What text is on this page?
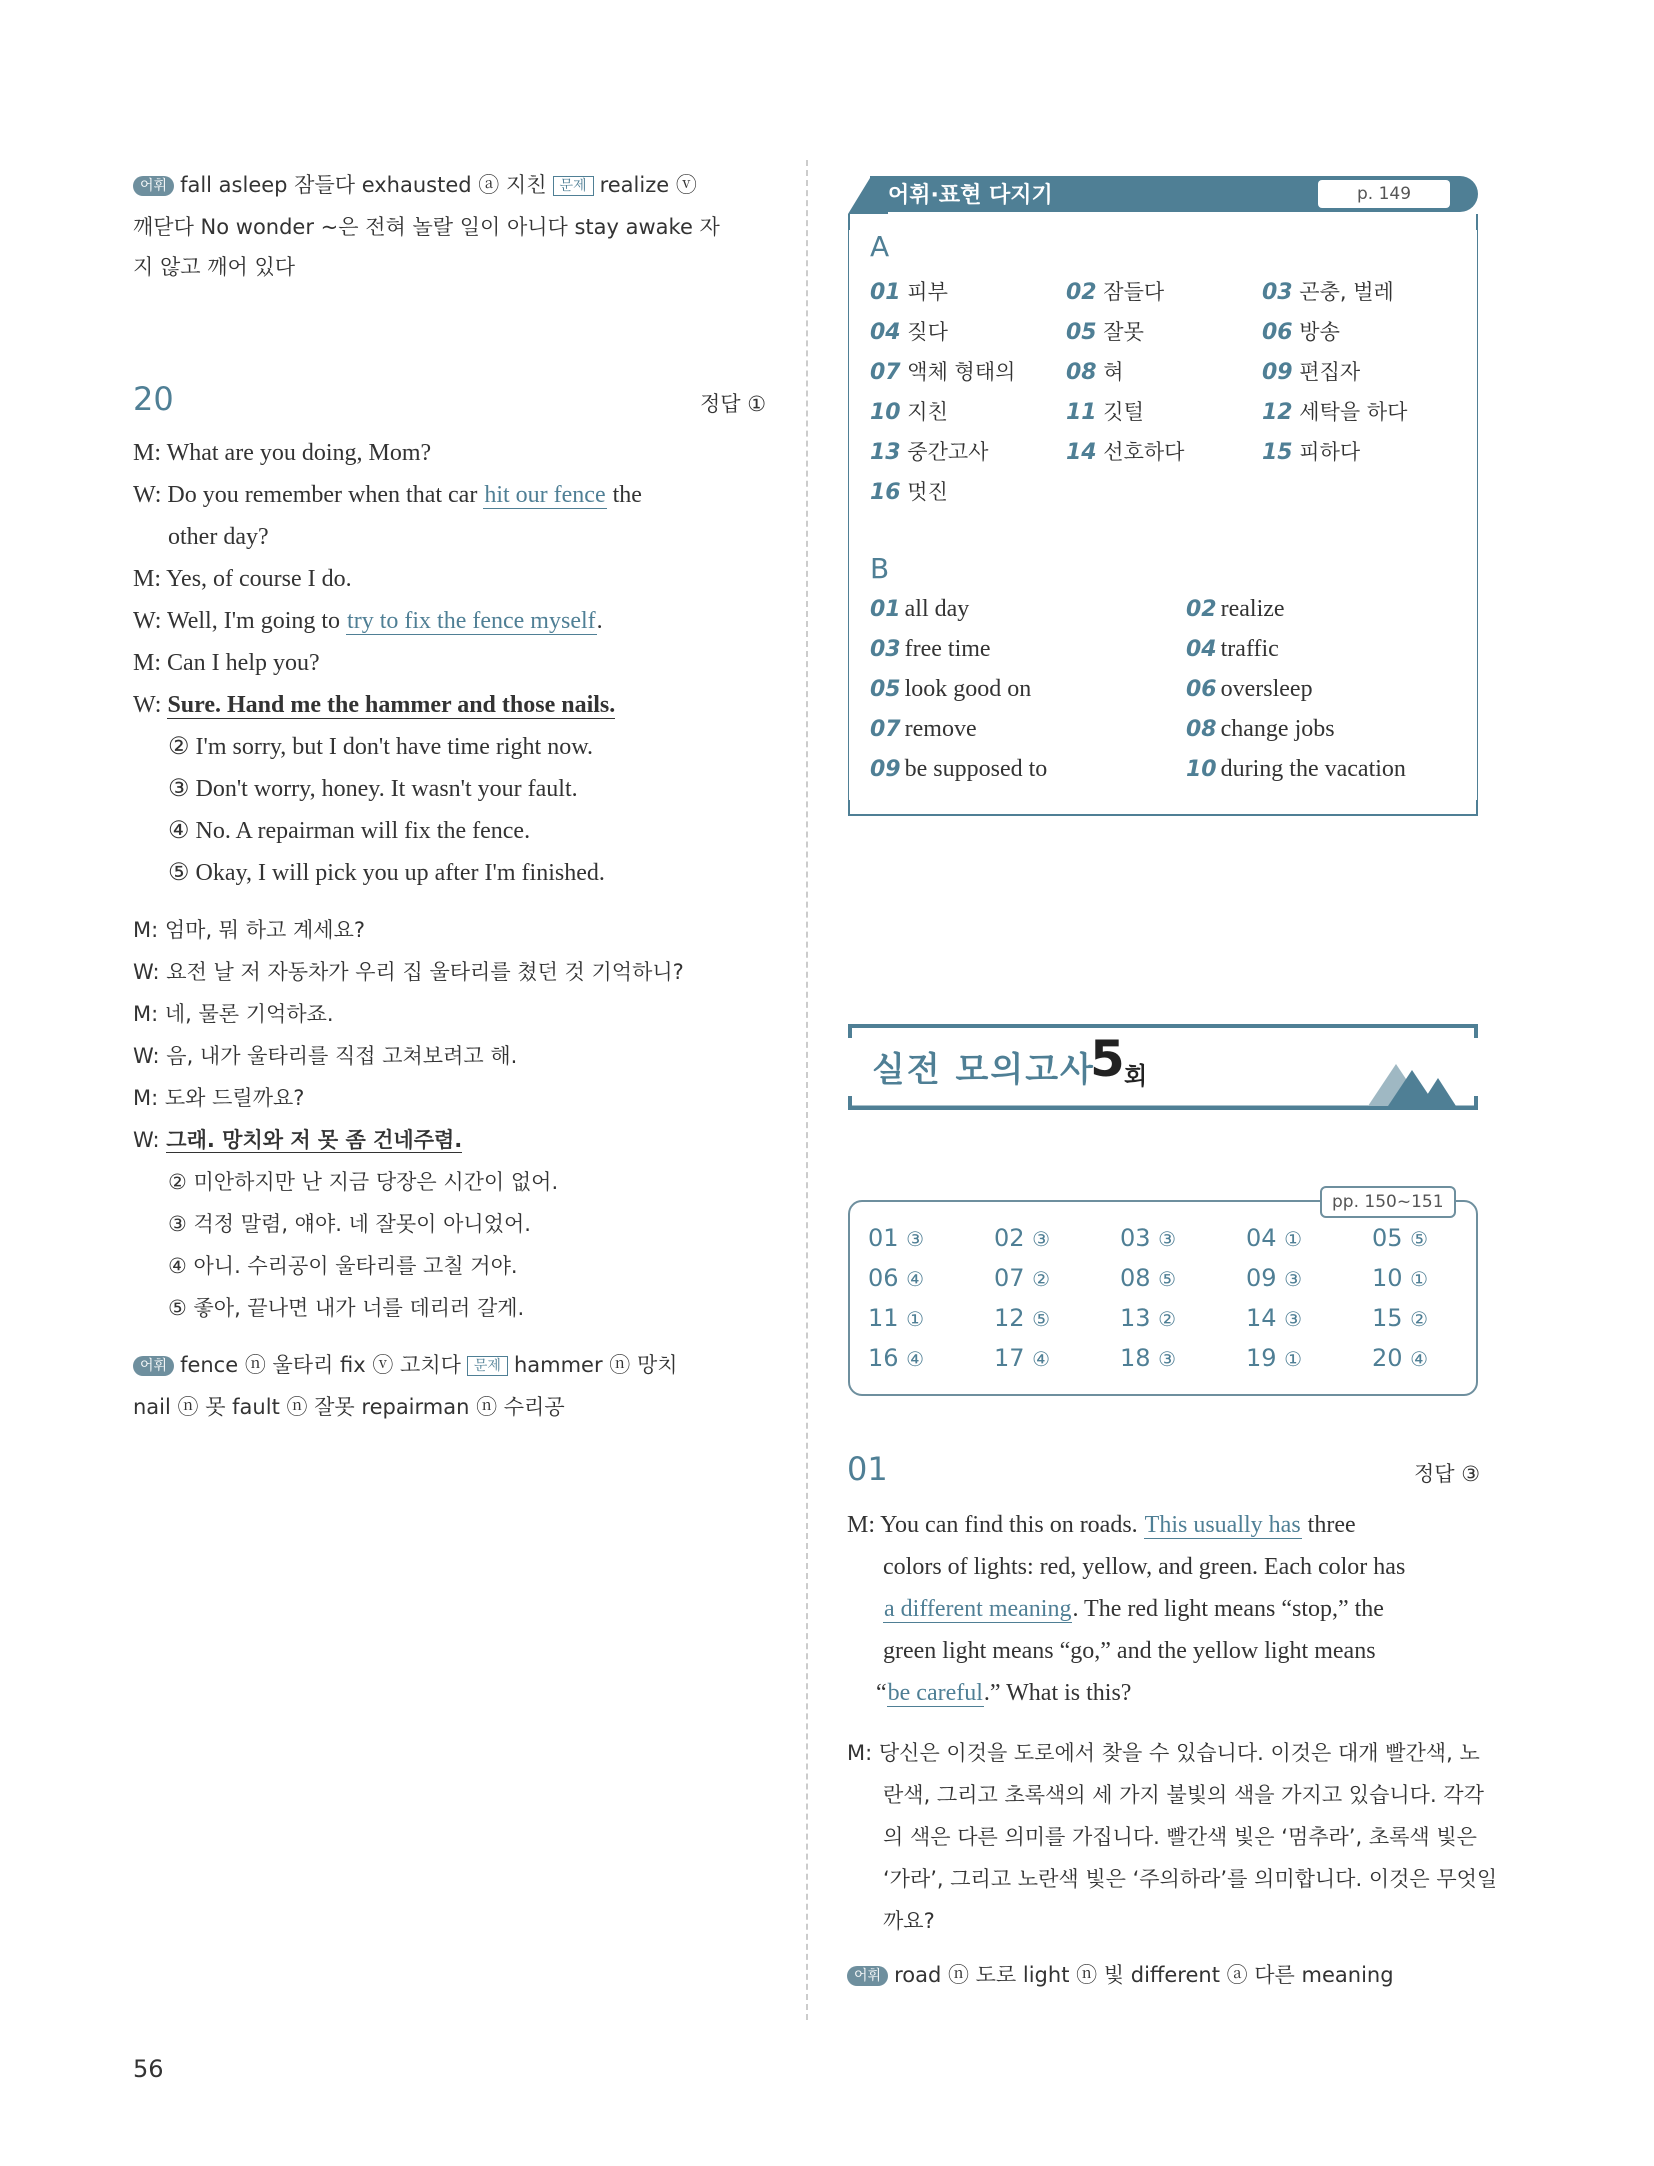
어휘 fall asleep 잠들다 exhausted ⓐ 지친 문제 realize ⓥ
깨닫다 No wonder ~은 전혀 놀랄 일이 아니다 stay awake 자
지 않고 깨어 있다
20	정답 ①
M: What are you doing, Mom?
W: Do you remember when that car hit our fence the
other day?
M: Yes, of course I do.
W: Well, I'm going to try to fix the fence myself.
M: Can I help you?
W: Sure. Hand me the hammer and those nails.
② I'm sorry, but I don't have time right now.
③ Don't worry, honey. It wasn't your fault.
④ No. A repairman will fix the fence.
⑤ Okay, I will pick you up after I'm finished.
M: 엄마, 뭐 하고 계세요?
W: 요전 날 저 자동차가 우리 집 울타리를 쳤던 것 기억하니?
M: 네, 물론 기억하죠.
W: 음, 내가 울타리를 직접 고쳐보려고 해.
M: 도와 드릴까요?
W: 그래. 망치와 저 못 좀 건네주렴.
② 미안하지만 난 지금 당장은 시간이 없어.
③ 걱정 말렴, 얘야. 네 잘못이 아니었어.
④ 아니. 수리공이 울타리를 고칠 거야.
⑤ 좋아, 끝나면 내가 너를 데리러 갈게.
어휘 fence ⓝ 울타리 fix ⓥ 고치다 문제 hammer ⓝ 망치
nail ⓝ 못 fault ⓝ 잘못 repairman ⓝ 수리공
56
어휘·표현 다지기	p. 149
A
B
실전 모의고사
5 회
pp. 150~151
01	정답 ③
M: You can find this on roads. This usually has three
colors of lights: red, yellow, and green. Each color has
a different meaning. The red light means “stop,” the
green light means “go,” and the yellow light means
“be careful.” What is this?
M: 당신은 이것을 도로에서 찾을 수 있습니다. 이것은 대개 빨간색, 노
란색, 그리고 초록색의 세 가지 불빛의 색을 가지고 있습니다. 각각
의 색은 다른 의미를 가집니다. 빨간색 빛은 ‘멈추라’, 초록색 빛은
‘가라’, 그리고 노란색 빛은 ‘주의하라’를 의미합니다. 이것은 무엇일
까요?
어휘 road ⓝ 도로 light ⓝ 빛 different ⓐ 다른 meaning
01 피부	02 잠들다	03 곤충, 벌레
04 짖다	05 잘못	06 방송
07 액체 형태의 08 혀	09 편집자
10 지친	11 깃털	12 세탁을 하다
13 중간고사	14 선호하다	15 피하다
16 멋진
01 all day	02 realize
03 free time	04 traffic
05 look good on	06 oversleep
07 remove	08 change jobs
09 be supposed to	10 during the vacation
01 ③	02 ③	03 ③	04 ①	05 ⑤
06 ④	07 ②	08 ⑤	09 ③	10 ①
11 ①	12 ⑤	13 ②	14 ③	15 ②
16 ④	17 ④	18 ③	19 ①	20 ④
